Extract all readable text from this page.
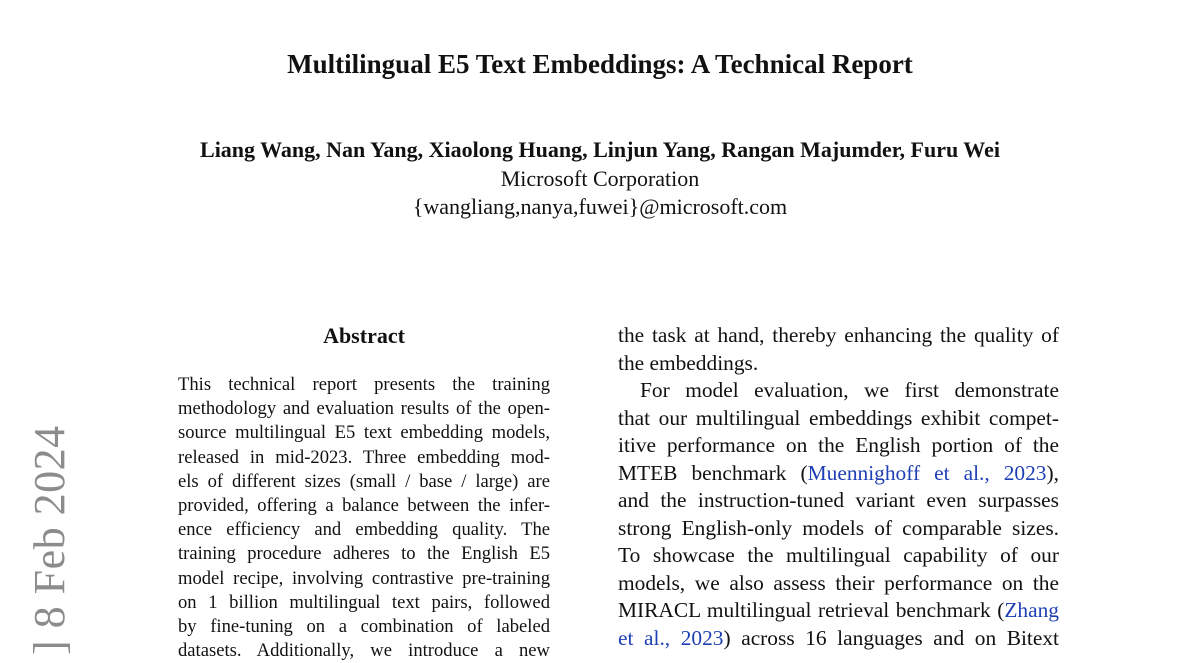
Multilingual E5 Text Embeddings: A Technical Report
Liang Wang, Nan Yang, Xiaolong Huang, Linjun Yang, Rangan Majumder, Furu Wei
Microsoft Corporation
{wangliang,nanya,fuwei}@microsoft.com
] 8 Feb 2024
Abstract
This technical report presents the training
methodology and evaluation results of the open-
source multilingual E5 text embedding models,
released in mid-2023. Three embedding mod-
els of different sizes (small / base / large) are
provided, offering a balance between the infer-
ence efficiency and embedding quality. The
training procedure adheres to the English E5
model recipe, involving contrastive pre-training
on 1 billion multilingual text pairs, followed
by fine-tuning on a combination of labeled
datasets. Additionally, we introduce a new
the task at hand, thereby enhancing the quality of
the embeddings.
For model evaluation, we first demonstrate
that our multilingual embeddings exhibit compet-
itive performance on the English portion of the
MTEB benchmark (Muennighoff et al., 2023),
and the instruction-tuned variant even surpasses
strong English-only models of comparable sizes.
To showcase the multilingual capability of our
models, we also assess their performance on the
MIRACL multilingual retrieval benchmark (Zhang
et al., 2023) across 16 languages and on Bitext
